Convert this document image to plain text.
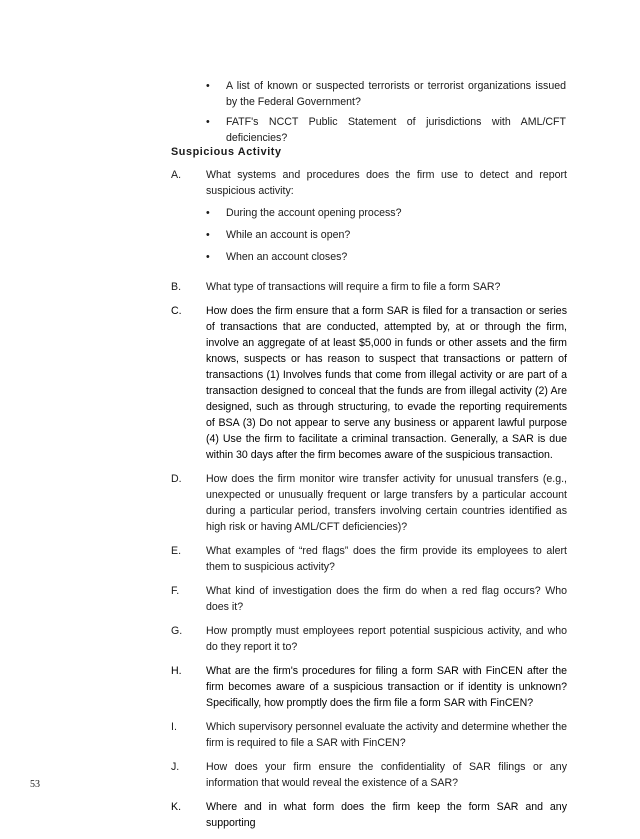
•	A list of known or suspected terrorists or terrorist organizations issued by the Federal Government?
•	FATF's NCCT Public Statement of jurisdictions with AML/CFT deficiencies?
Suspicious Activity
A.	What systems and procedures does the firm use to detect and report suspicious activity:
•	During the account opening process?
•	While an account is open?
•	When an account closes?
B.	What type of transactions will require a firm to file a form SAR?
C.	How does the firm ensure that a form SAR is filed for a transaction or series of transactions that are conducted, attempted by, at or through the firm, involve an aggregate of at least $5,000 in funds or other assets and the firm knows, suspects or has reason to suspect that transactions or pattern of transactions (1) Involves funds that come from illegal activity or are part of a transaction designed to conceal that the funds are from illegal activity (2) Are designed, such as through structuring, to evade the reporting requirements of BSA (3) Do not appear to serve any business or apparent lawful purpose (4) Use the firm to facilitate a criminal transaction. Generally, a SAR is due within 30 days after the firm becomes aware of the suspicious transaction.
D.	How does the firm monitor wire transfer activity for unusual transfers (e.g., unexpected or unusually frequent or large transfers by a particular account during a particular period, transfers involving certain countries identified as high risk or having AML/CFT deficiencies)?
E.	What examples of “red flags” does the firm provide its employees to alert them to suspicious activity?
F.	What kind of investigation does the firm do when a red flag occurs? Who does it?
G.	How promptly must employees report potential suspicious activity, and who do they report it to?
H.	What are the firm's procedures for filing a form SAR with FinCEN after the firm becomes aware of a suspicious transaction or if identity is unknown? Specifically, how promptly does the firm file a form SAR with FinCEN?
I.	Which supervisory personnel evaluate the activity and determine whether the firm is required to file a SAR with FinCEN?
J.	How does your firm ensure the confidentiality of SAR filings or any information that would reveal the existence of a SAR?
K.	Where and in what form does the firm keep the form SAR and any supporting
53
